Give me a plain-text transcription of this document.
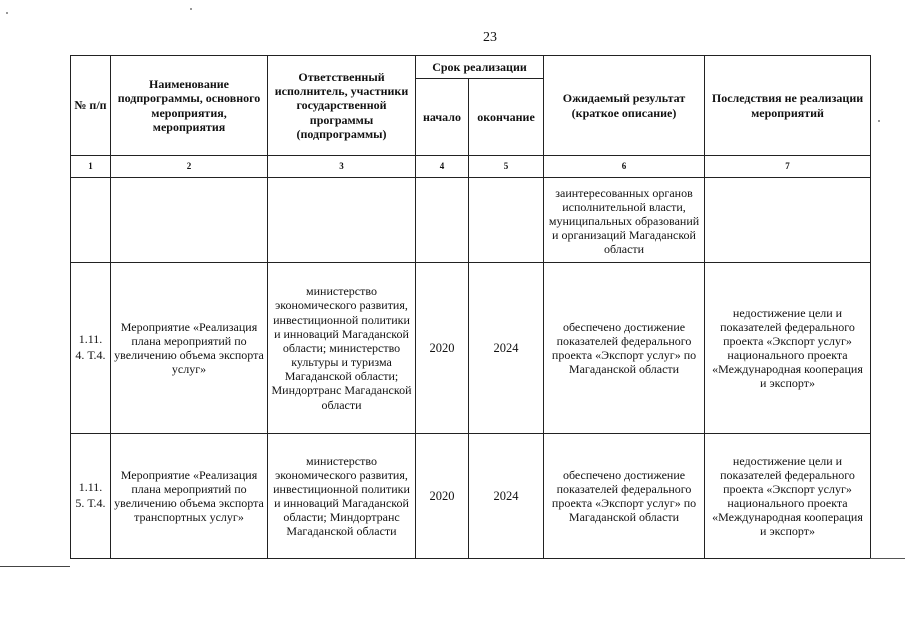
23
№ п/п	Наименование подпрограммы, основного мероприятия, мероприятия	Ответственный исполнитель, участники государственной программы (подпрограммы)	Срок реализации		Ожидаемый результат (краткое описание)	Последствия не реализации мероприятий
			начало	окончание		
1	2	3	4	5	6	7
					заинтересованных органов исполнительной власти, муниципальных образований и организаций Магаданской области	
1.11. 4. Т.4.	Мероприятие «Реализация плана мероприятий по увеличению объема экспорта услуг»	министерство экономического развития, инвестиционной политики и инноваций Магаданской области; министерство культуры и туризма Магаданской области; Миндортранс Магаданской области	2020	2024	обеспечено достижение показателей федерального проекта «Экспорт услуг» по Магаданской области	недостижение цели и показателей федерального проекта «Экспорт услуг» национального проекта «Международная кооперация и экспорт»
1.11. 5. Т.4.	Мероприятие «Реализация плана мероприятий по увеличению объема экспорта транспортных услуг»	министерство экономического развития, инвестиционной политики и инноваций Магаданской области; Миндортранс Магаданской области	2020	2024	обеспечено достижение показателей федерального проекта «Экспорт услуг» по Магаданской области	недостижение цели и показателей федерального проекта «Экспорт услуг» национального проекта «Международная кооперация и экспорт»
